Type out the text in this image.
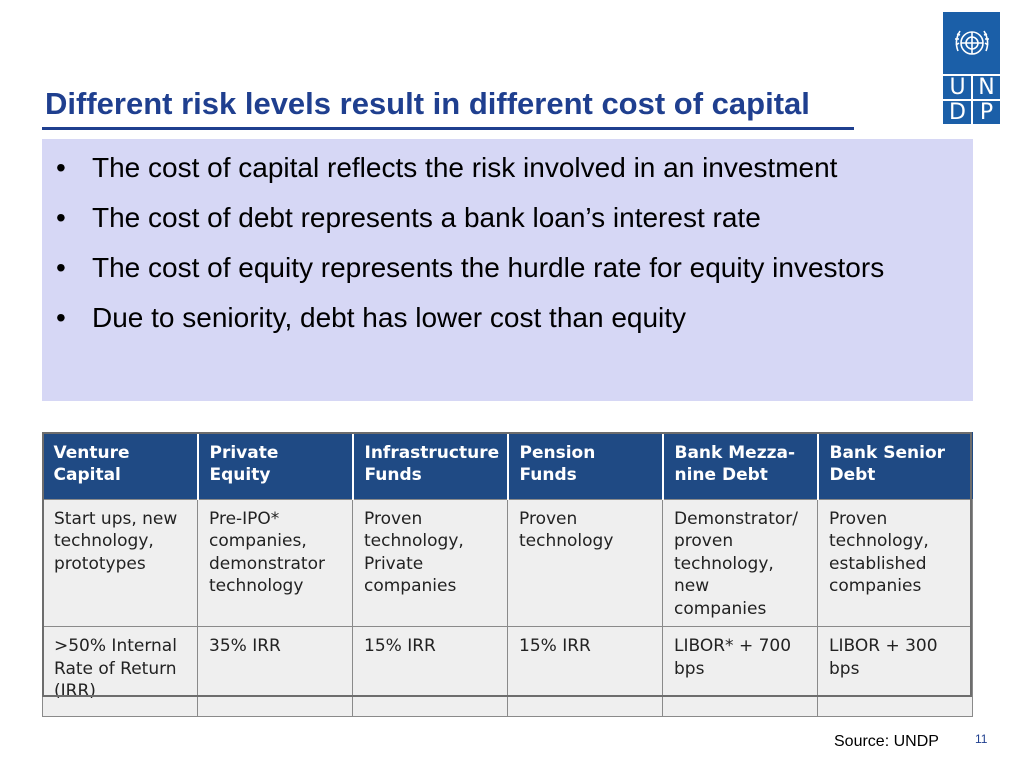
Different risk levels result in different cost of capital	U N
D P
• The cost of capital reflects the risk involved in an investment
• The cost of debt represents a bank loan’s interest rate
• The cost of equity represents the hurdle rate for equity investors
• Due to seniority, debt has lower cost than equity
Venture Capital	Private Equity	Infrastructure Funds	Pension Funds	Bank Mezza-nine Debt	Bank Senior Debt
Start ups, new technology, prototypes	Pre-IPO* companies, demonstrator technology	Proven technology, Private companies	Proven technology	Demonstrator/ proven technology, new companies	Proven technology, established companies
>50% Internal Rate of Return (IRR)	35% IRR	15% IRR	15% IRR	LIBOR* + 700 bps	LIBOR + 300 bps
Source: UNDP	11
